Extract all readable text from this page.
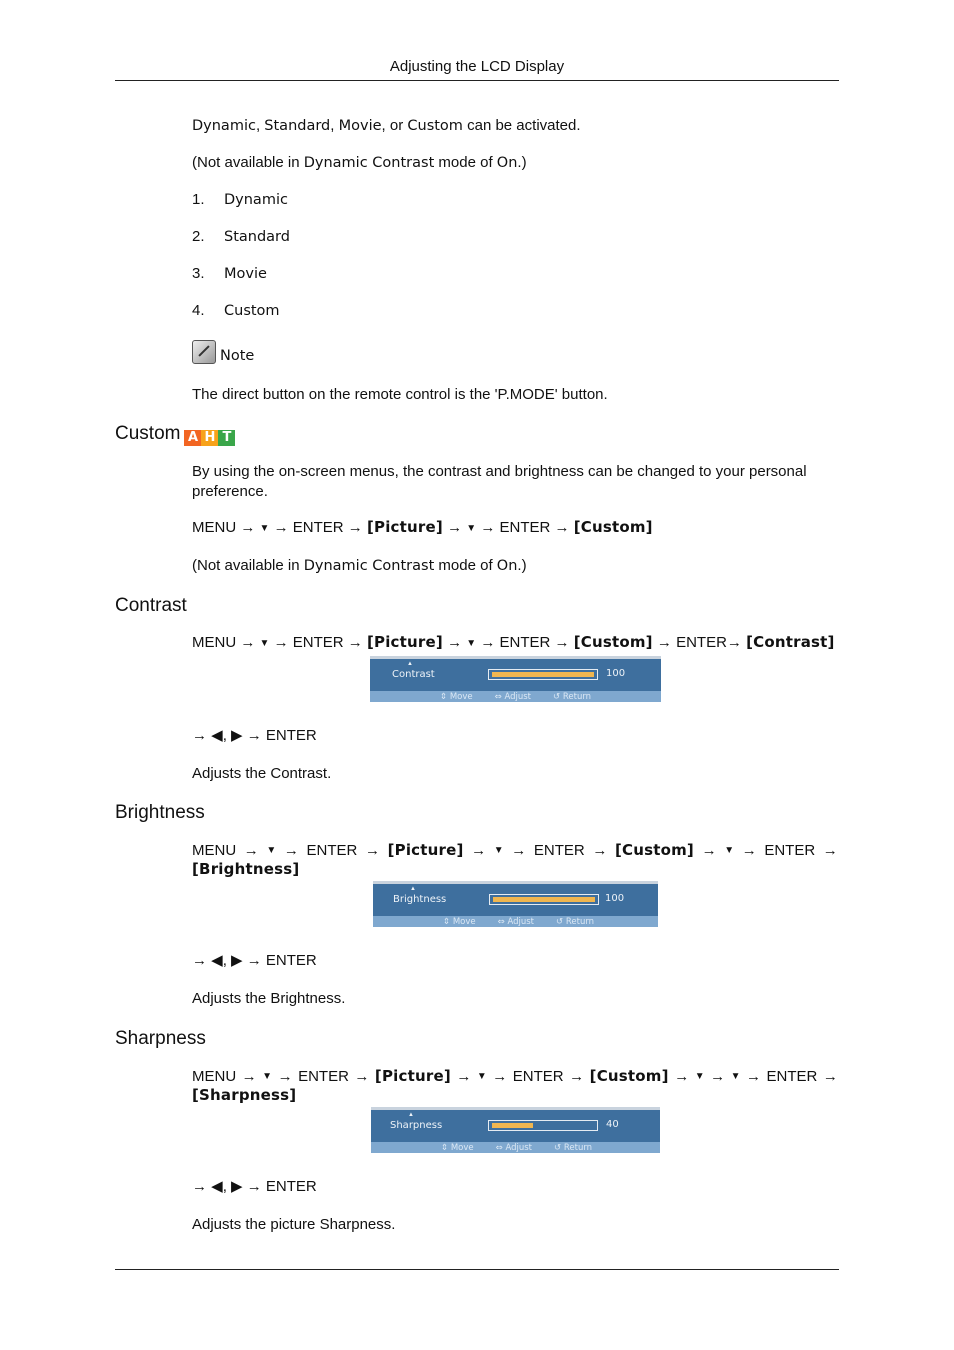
Adjusting the LCD Display
Dynamic, Standard, Movie, or Custom can be activated.
(Not available in Dynamic Contrast mode of On.)
1. Dynamic
2. Standard
3. Movie
4. Custom
Note
The direct button on the remote control is the 'P.MODE' button.
Custom A H T
By using the on-screen menus, the contrast and brightness can be changed to your personal preference.
MENU → ▼ → ENTER → [Picture] → ▼ → ENTER → [Custom]
(Not available in Dynamic Contrast mode of On.)
Contrast
MENU → ▼ → ENTER → [Picture] → ▼ → ENTER → [Custom] → ENTER→ [Contrast]
▲
Contrast	100
⇕ Move	⇔ Adjust	↺ Return
→ ◀, ▶ → ENTER
Adjusts the Contrast.
Brightness
MENU → ▼ → ENTER → [Picture] → ▼ → ENTER → [Custom] → ▼ → ENTER →
[Brightness]
▲
Brightness	100
⇕ Move	⇔ Adjust	↺ Return
→ ◀, ▶ → ENTER
Adjusts the Brightness.
Sharpness
MENU → ▼ → ENTER → [Picture] → ▼ → ENTER → [Custom] → ▼ → ▼ → ENTER →
[Sharpness]
▲
Sharpness	40
⇕ Move	⇔ Adjust	↺ Return
→ ◀, ▶ → ENTER
Adjusts the picture Sharpness.
